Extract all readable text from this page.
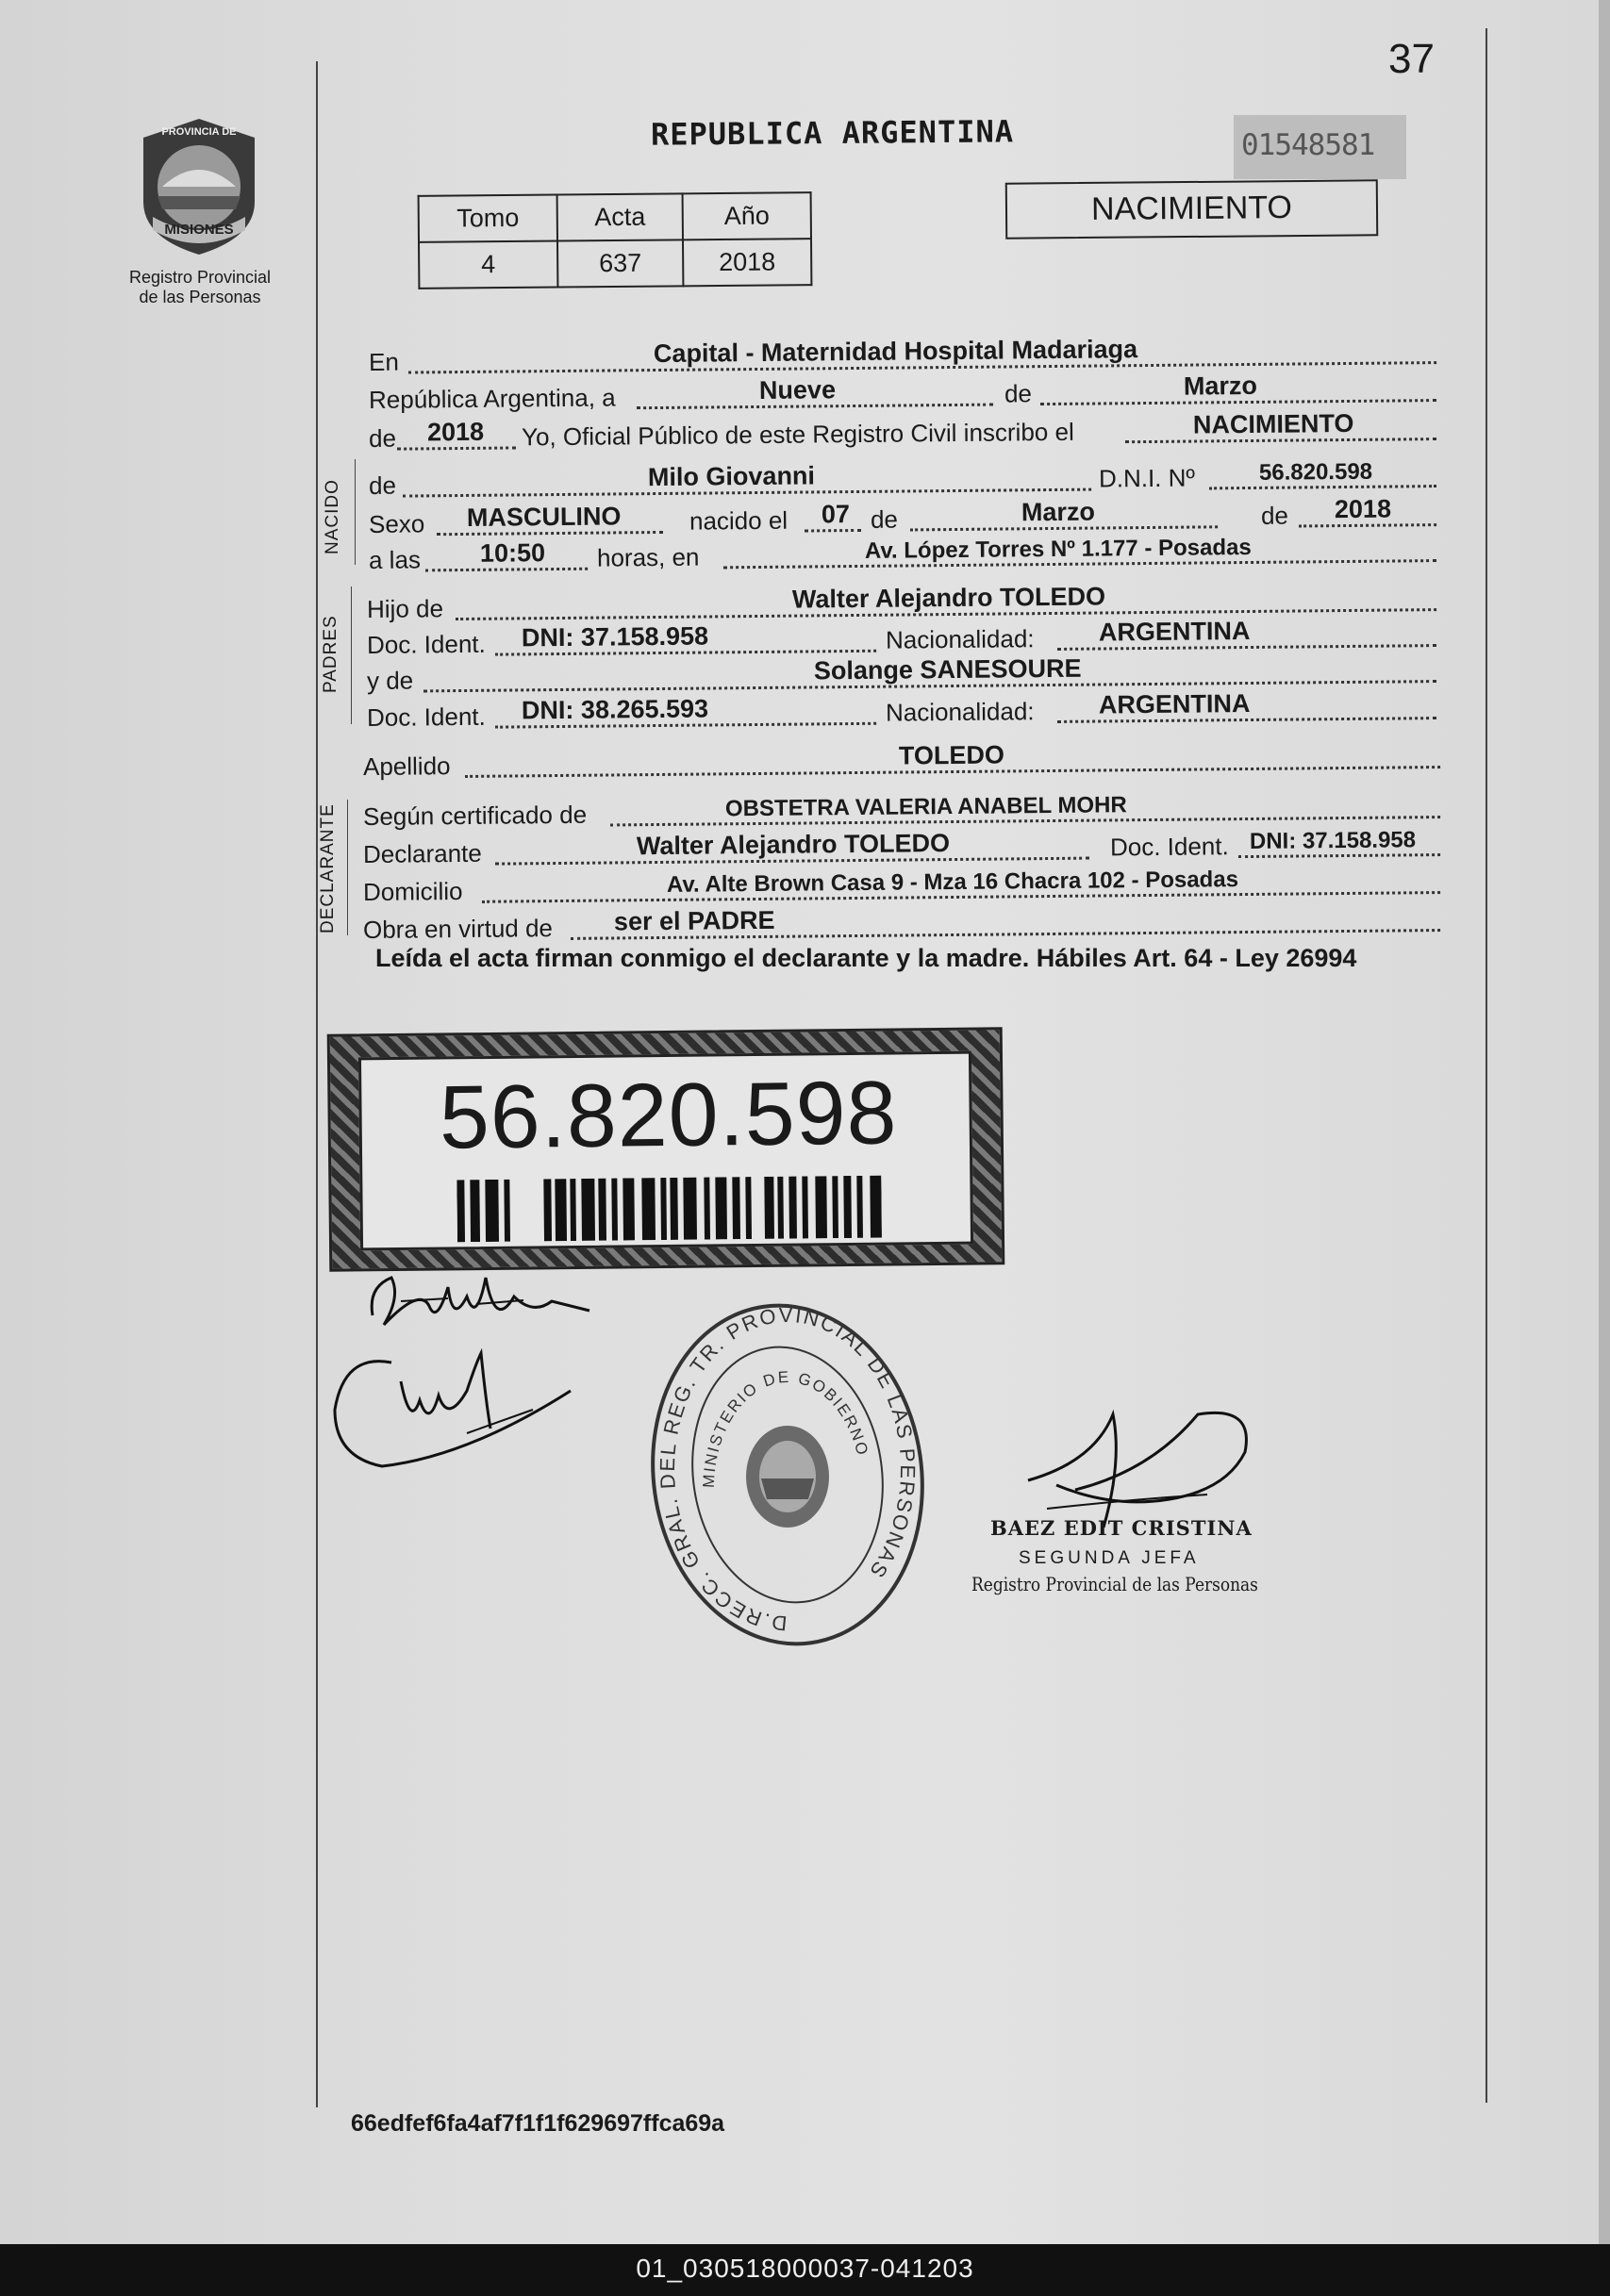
37
PROVINCIA DE
MISIONES
Registro Provincial
de las Personas
REPUBLICA ARGENTINA	01548581
Tomo	Acta	Año
4	637	2018
NACIMIENTO
En	Capital - Maternidad Hospital Madariaga
República Argentina, a	Nueve	de	Marzo
de 2018 Yo, Oficial Público de este Registro Civil inscribo el	NACIMIENTO
NACIDO de	Milo Giovanni	D.N.I. Nº	56.820.598
Sexo MASCULINO	nacido el 07 de	Marzo	de 2018
a las 10:50 horas, en	Av. López Torres Nº 1.177 - Posadas
PADRES
Hijo de	Walter Alejandro TOLEDO
Doc. Ident. DNI: 37.158.958	Nacionalidad:	ARGENTINA
y de	Solange SANESOURE
Doc. Ident. DNI: 38.265.593	Nacionalidad:	ARGENTINA
Apellido	TOLEDO
DECLARANTE Según certificado de	OBSTETRA VALERIA ANABEL MOHR
Declarante	Walter Alejandro TOLEDO	Doc. Ident. DNI: 37.158.958
Domicilio	Av. Alte Brown Casa 9 - Mza 16 Chacra 102 - Posadas
Obra en virtud de ser el PADRE
Leída el acta firman conmigo el declarante y la madre. Hábiles Art. 64 - Ley 26994
56.820.598
D.RECC. GRAL. DEL REG. TR. PROVINCIAL DE LAS PERSONAS
MINISTERIO DE GOBIERNO
BAEZ EDIT CRISTINA
SEGUNDA JEFA
Registro Provincial de las Personas
66edfef6fa4af7f1f1f629697ffca69a
01_030518000037-041203
